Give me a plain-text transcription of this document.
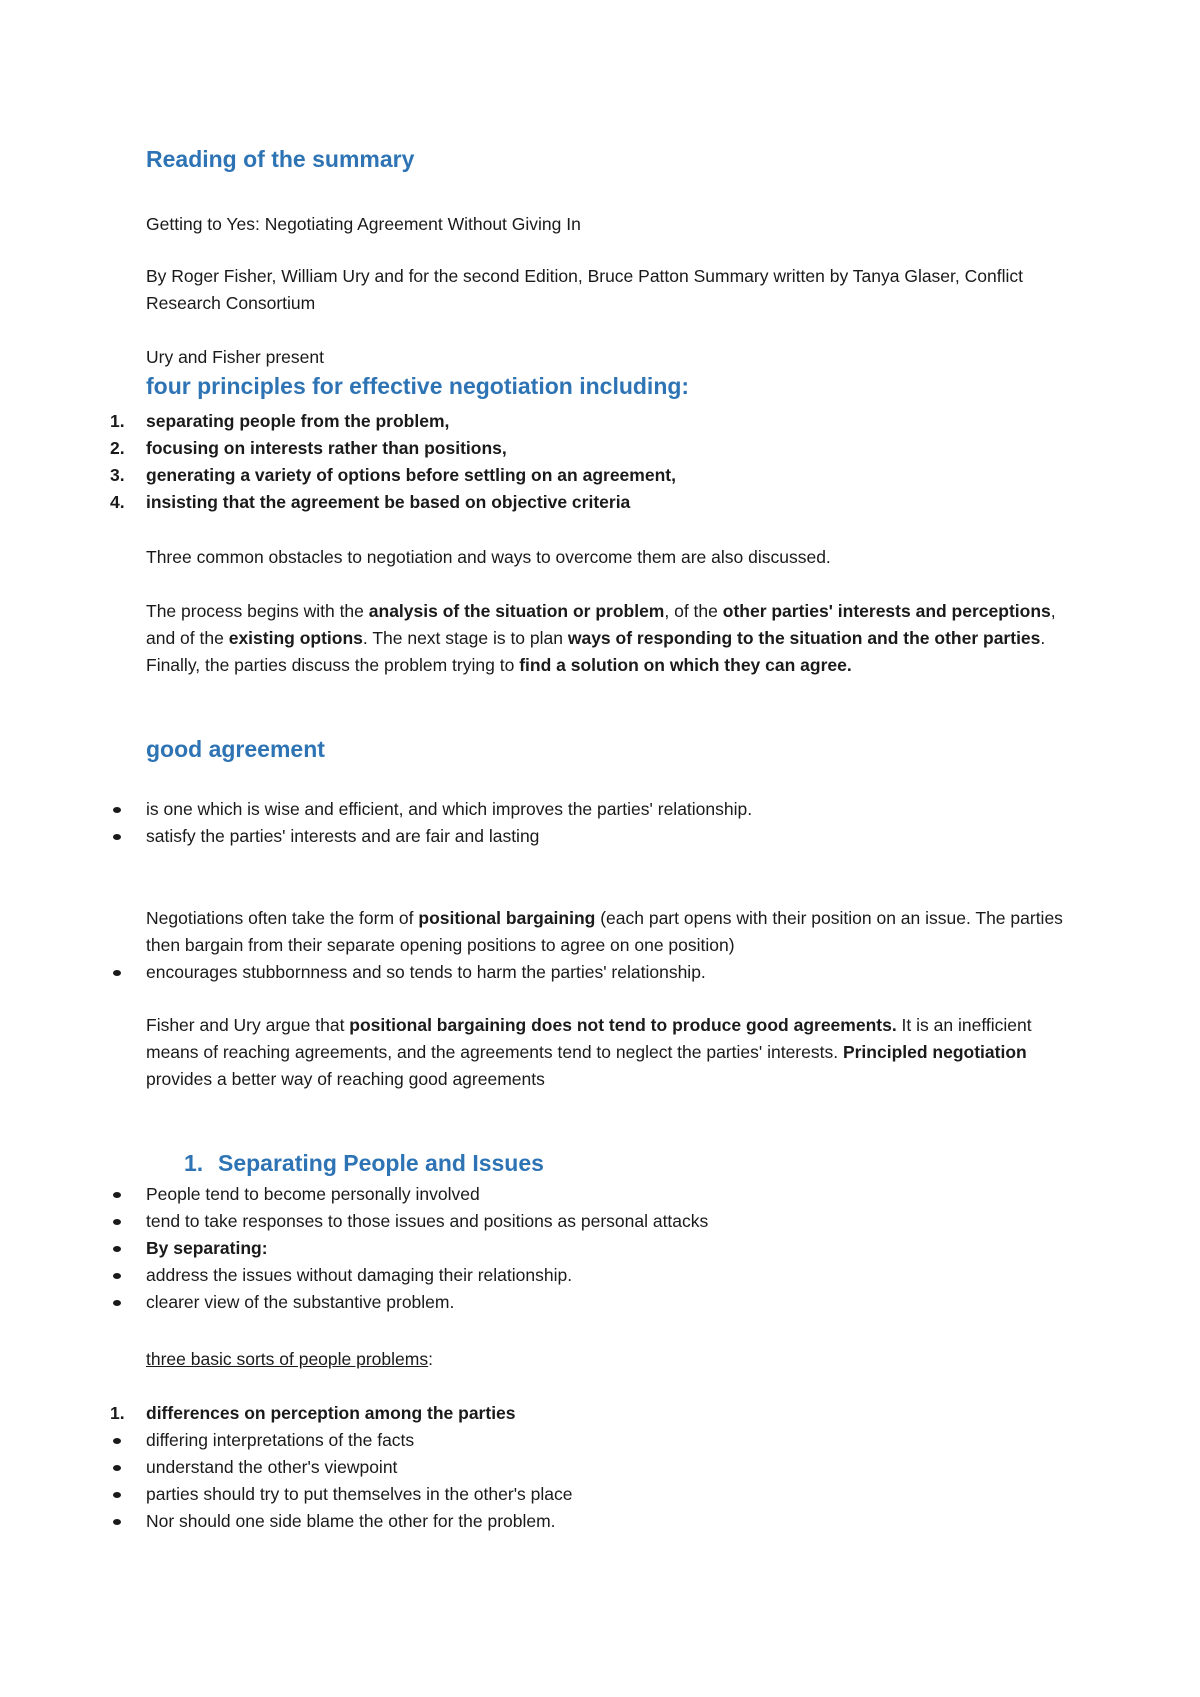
Reading of the summary

Getting to Yes: Negotiating Agreement Without Giving In

By Roger Fisher, William Ury and for the second Edition, Bruce Patton Summary written by Tanya Glaser, Conflict Research Consortium

Ury and Fisher present

four principles for effective negotiation including:
1. separating people from the problem,
2. focusing on interests rather than positions,
3. generating a variety of options before settling on an agreement,
4. insisting that the agreement be based on objective criteria

Three common obstacles to negotiation and ways to overcome them are also discussed.

The process begins with the analysis of the situation or problem, of the other parties' interests and perceptions, and of the existing options. The next stage is to plan ways of responding to the situation and the other parties. Finally, the parties discuss the problem trying to find a solution on which they can agree.

good agreement
is one which is wise and efficient, and which improves the parties' relationship.
satisfy the parties' interests and are fair and lasting

Negotiations often take the form of positional bargaining (each part opens with their position on an issue. The parties then bargain from their separate opening positions to agree on one position)

encourages stubbornness and so tends to harm the parties' relationship.

Fisher and Ury argue that positional bargaining does not tend to produce good agreements. It is an inefficient means of reaching agreements, and the agreements tend to neglect the parties' interests. Principled negotiation provides a better way of reaching good agreements

1. Separating People and Issues
People tend to become personally involved
tend to take responses to those issues and positions as personal attacks
By separating:
address the issues without damaging their relationship.
clearer view of the substantive problem.

three basic sorts of people problems:

1. differences on perception among the parties
differing interpretations of the facts
understand the other's viewpoint
parties should try to put themselves in the other's place
Nor should one side blame the other for the problem.
